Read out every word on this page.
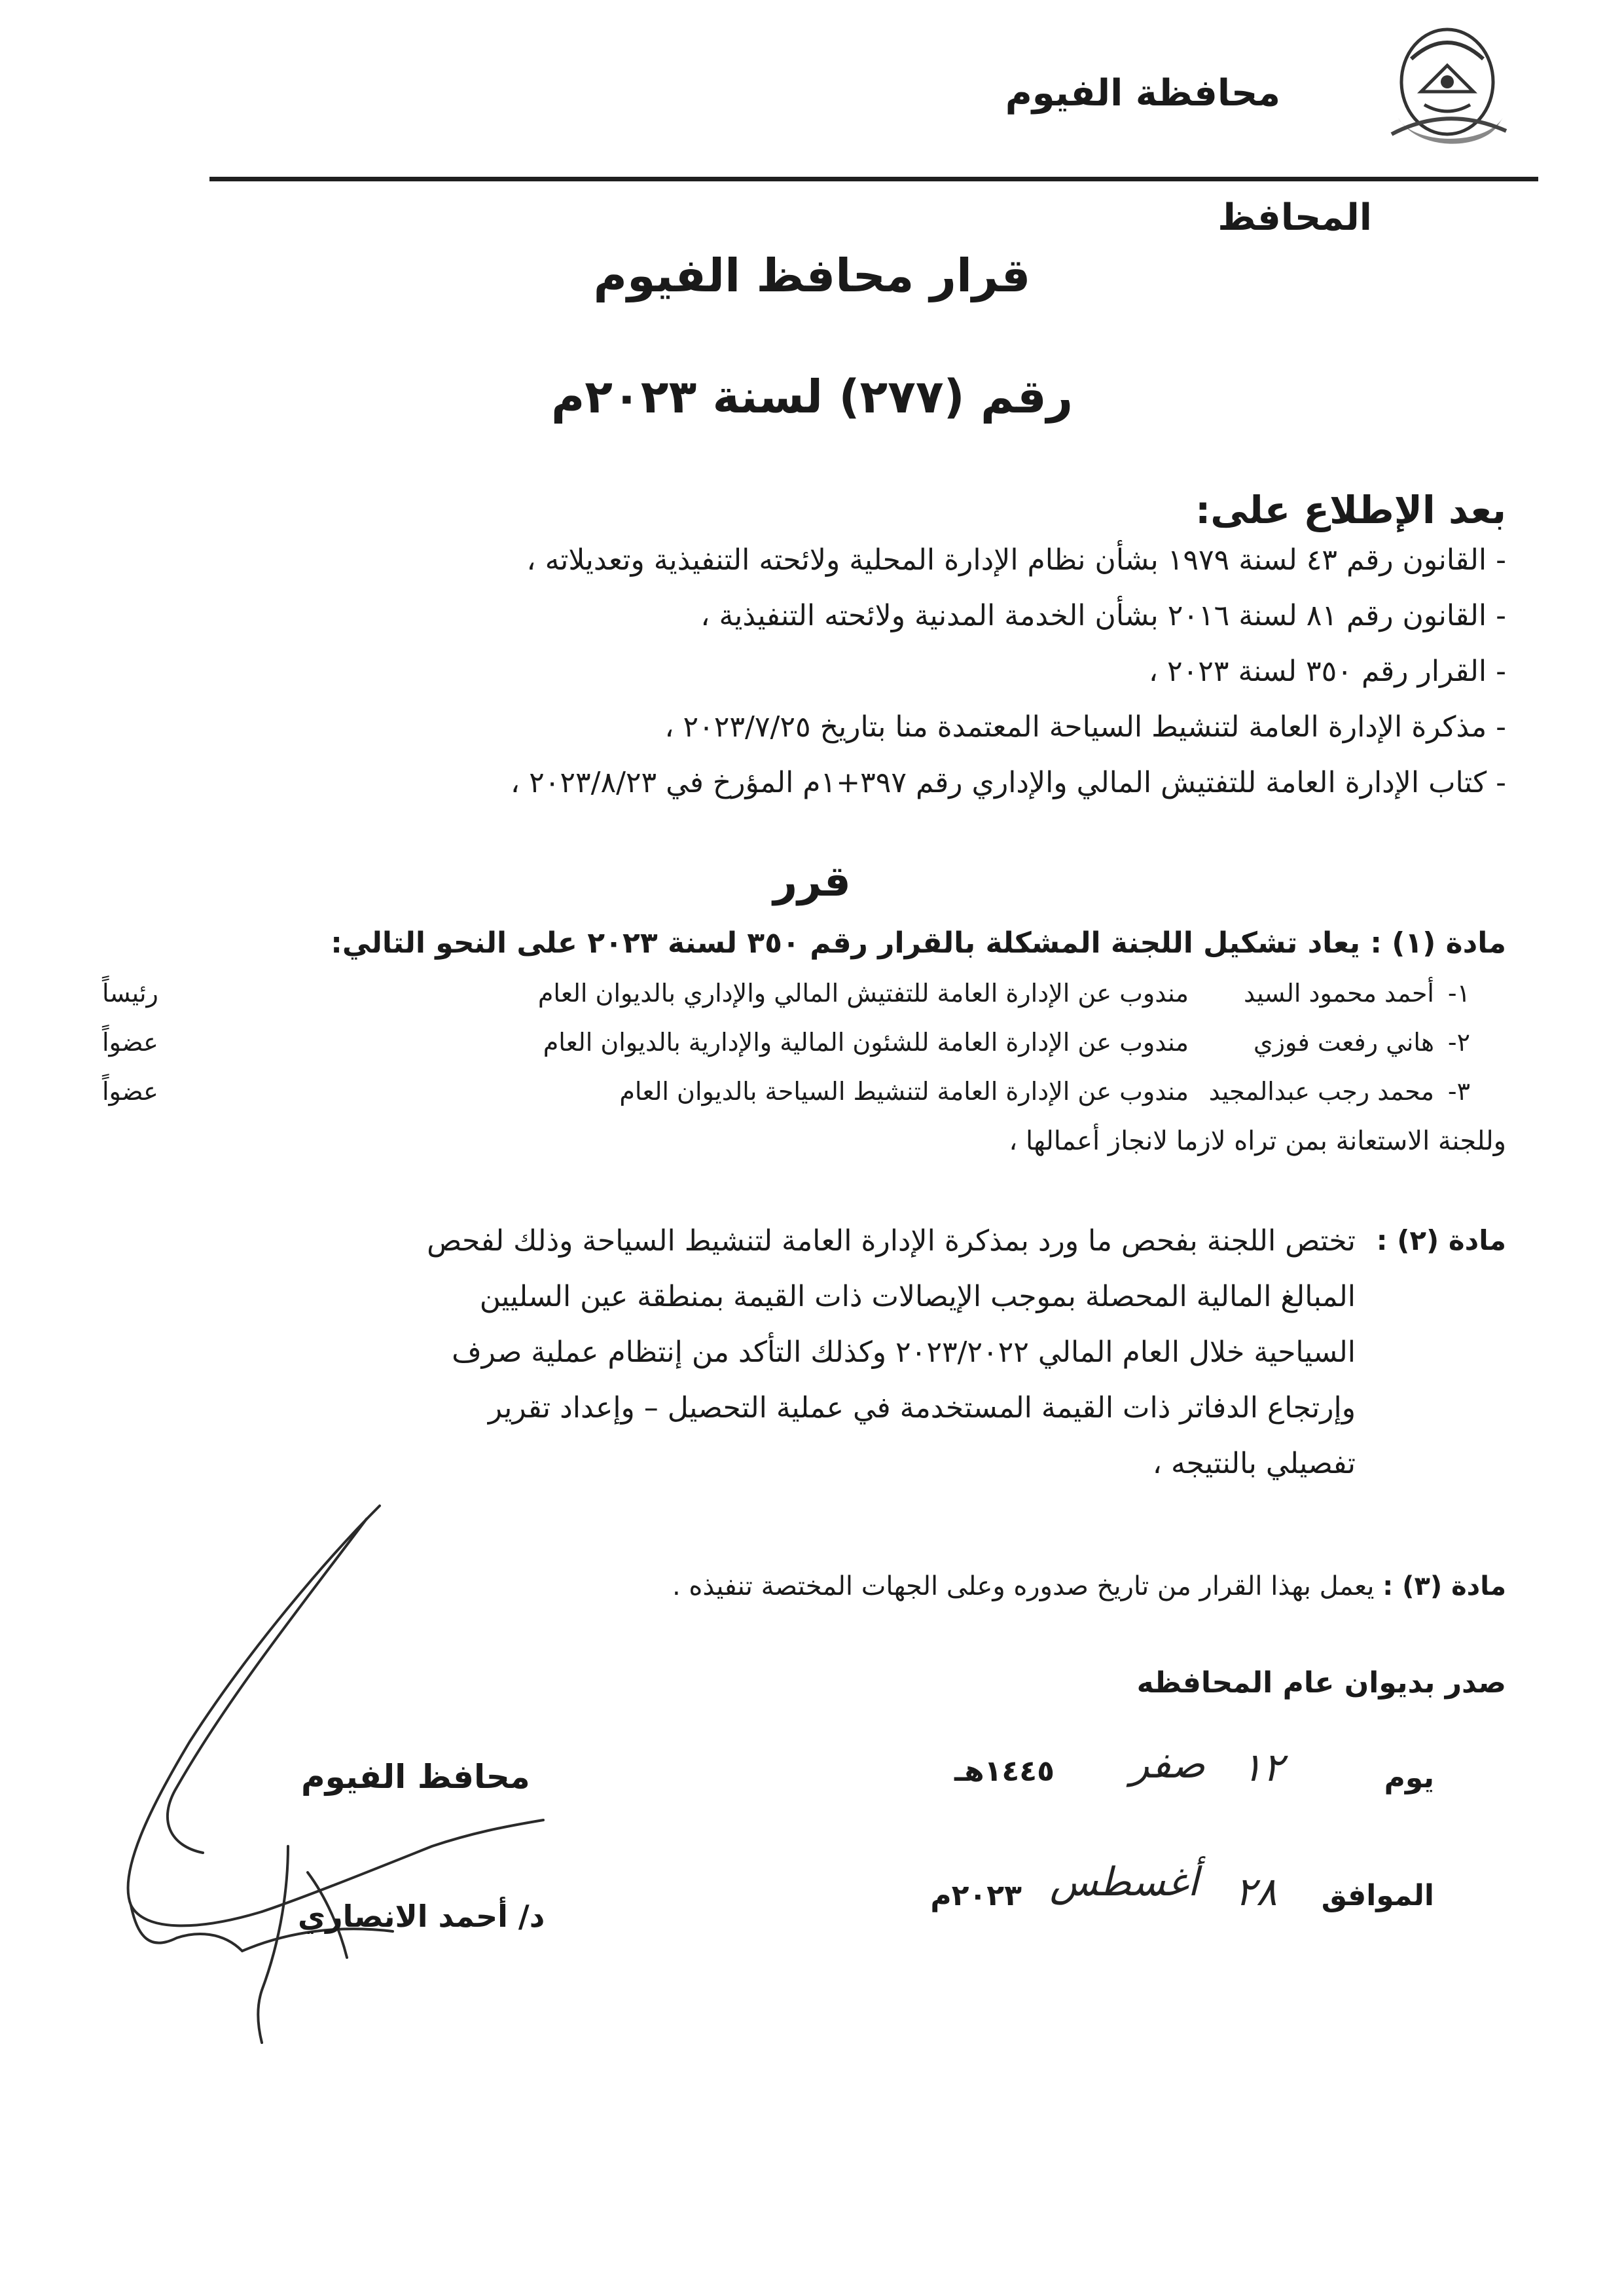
محافظة الفيوم
المحافظ
قرار محافظ الفيوم
رقم (٢٧٧) لسنة ٢٠٢٣م
بعد الإطلاع على:
- القانون رقم ٤٣ لسنة ١٩٧٩ بشأن نظام الإدارة المحلية ولائحته التنفيذية وتعديلاته ،
- القانون رقم ٨١ لسنة ٢٠١٦ بشأن الخدمة المدنية ولائحته التنفيذية ،
- القرار رقم ٣٥٠ لسنة ٢٠٢٣ ،
- مذكرة الإدارة العامة لتنشيط السياحة المعتمدة منا بتاريخ ٢٠٢٣/٧/٢٥ ،
- كتاب الإدارة العامة للتفتيش المالي والإداري رقم ٣٩٧+١م المؤرخ في ٢٠٢٣/٨/٢٣ ،
قرر
مادة (١) : يعاد تشكيل اللجنة المشكلة بالقرار رقم ٣٥٠ لسنة ٢٠٢٣ على النحو التالي:
١-
أحمد محمود السيد
مندوب عن الإدارة العامة للتفتيش المالي والإداري بالديوان العام
رئيساً
٢-
هاني رفعت فوزي
مندوب عن الإدارة العامة للشئون المالية والإدارية بالديوان العام
عضواً
٣-
محمد رجب عبدالمجيد
مندوب عن الإدارة العامة لتنشيط السياحة بالديوان العام
عضواً
وللجنة الاستعانة بمن تراه لازما لانجاز أعمالها ،
مادة (٢) :
تختص اللجنة بفحص ما ورد بمذكرة الإدارة العامة لتنشيط السياحة وذلك لفحص
المبالغ المالية المحصلة بموجب الإيصالات ذات القيمة بمنطقة عين السليين
السياحية خلال العام المالي ٢٠٢٣/٢٠٢٢ وكذلك التأكد من إنتظام عملية صرف
وإرتجاع الدفاتر ذات القيمة المستخدمة في عملية التحصيل – وإعداد تقرير
تفصيلي بالنتيجه ،
مادة (٣) : يعمل بهذا القرار من تاريخ صدوره وعلى الجهات المختصة تنفيذه .
صدر بديوان عام المحافظه
يوم
١٢
صفر
١٤٤٥هـ
الموافق
٢٨
أغسطس
٢٠٢٣م
محافظ الفيوم
د/ أحمد الانصاري
